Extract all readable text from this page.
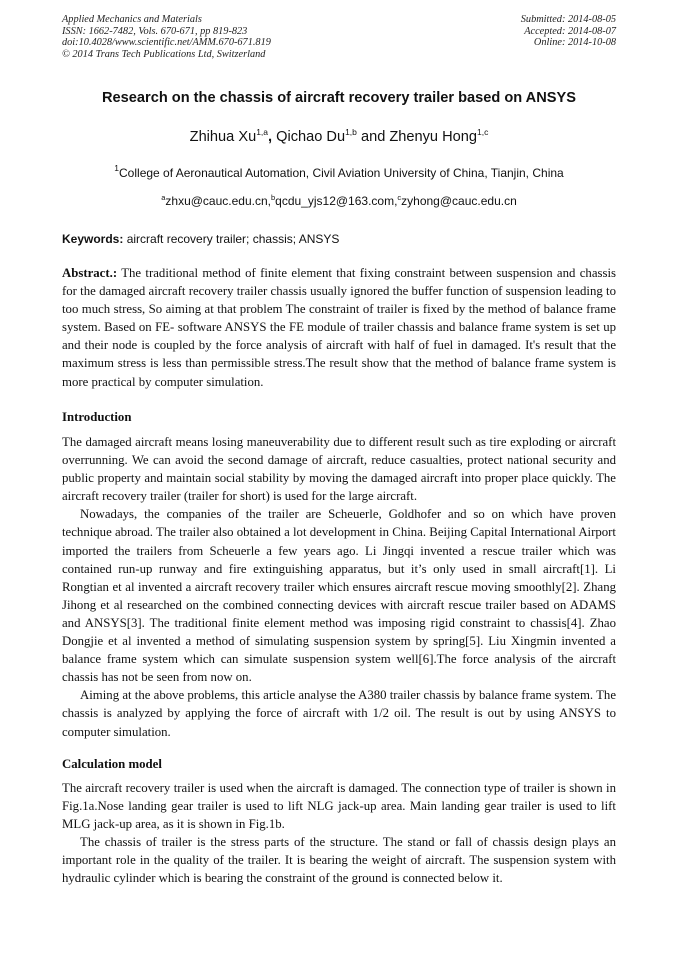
Applied Mechanics and Materials
ISSN: 1662-7482, Vols. 670-671, pp 819-823
doi:10.4028/www.scientific.net/AMM.670-671.819
© 2014 Trans Tech Publications Ltd, Switzerland
Submitted: 2014-08-05
Accepted: 2014-08-07
Online: 2014-10-08
Research on the chassis of aircraft recovery trailer based on ANSYS
Zhihua Xu$^{1,a}$, Qichao Du$^{1,b}$ and Zhenyu Hong$^{1,c}$
$^1$College of Aeronautical Automation, Civil Aviation University of China, Tianjin, China
$^a$zhxu@cauc.edu.cn,$^b$qcdu_yjs12@163.com,$^c$zyhong@cauc.edu.cn
Keywords: aircraft recovery trailer; chassis; ANSYS

Abstract.: The traditional method of finite element that fixing constraint between suspension and chassis for the damaged aircraft recovery trailer chassis usually ignored the buffer function of suspension leading to too much stress, So aiming at that problem The constraint of trailer is fixed by the method of balance frame system. Based on FE- software ANSYS the FE module of trailer chassis and balance frame system is set up and their node is coupled by the force analysis of aircraft with half of fuel in damaged. It's result that the maximum stress is less than permissible stress.The result show that the method of balance frame system is more practical by computer simulation.

Introduction

The damaged aircraft means losing maneuverability due to different result such as tire exploding or aircraft overrunning. We can avoid the second damage of aircraft, reduce casualties, protect national security and public property and maintain social stability by moving the damaged aircraft into proper place quickly. The aircraft recovery trailer (trailer for short) is used for the large aircraft.

Nowadays, the companies of the trailer are Scheuerle, Goldhofer and so on which have proven technique abroad. The trailer also obtained a lot development in China. Beijing Capital International Airport imported the trailers from Scheuerle a few years ago. Li Jingqi invented a rescue trailer which was contained run-up runway and fire extinguishing apparatus, but it’s only used in small aircraft[1]. Li Rongtian et al invented a aircraft recovery trailer which ensures aircraft rescue moving smoothly[2]. Zhang Jihong et al researched on the combined connecting devices with aircraft rescue trailer based on ADAMS and ANSYS[3]. The traditional finite element method was imposing rigid constraint to chassis[4]. Zhao Dongjie et al invented a method of simulating suspension system by spring[5]. Liu Xingmin invented a balance frame system which can simulate suspension system well[6].The force analysis of the aircraft chassis has not be seen from now on.

Aiming at the above problems, this article analyse the A380 trailer chassis by balance frame system. The chassis is analyzed by applying the force of aircraft with 1/2 oil. The result is out by using ANSYS to computer simulation.

Calculation model

The aircraft recovery trailer is used when the aircraft is damaged. The connection type of trailer is shown in Fig.1a.Nose landing gear trailer is used to lift NLG jack-up area. Main landing gear trailer is used to lift MLG jack-up area, as it is shown in Fig.1b.

The chassis of trailer is the stress parts of the structure. The stand or fall of chassis design plays an important role in the quality of the trailer. It is bearing the weight of aircraft. The suspension system with hydraulic cylinder which is bearing the constraint of the ground is connected below it.
